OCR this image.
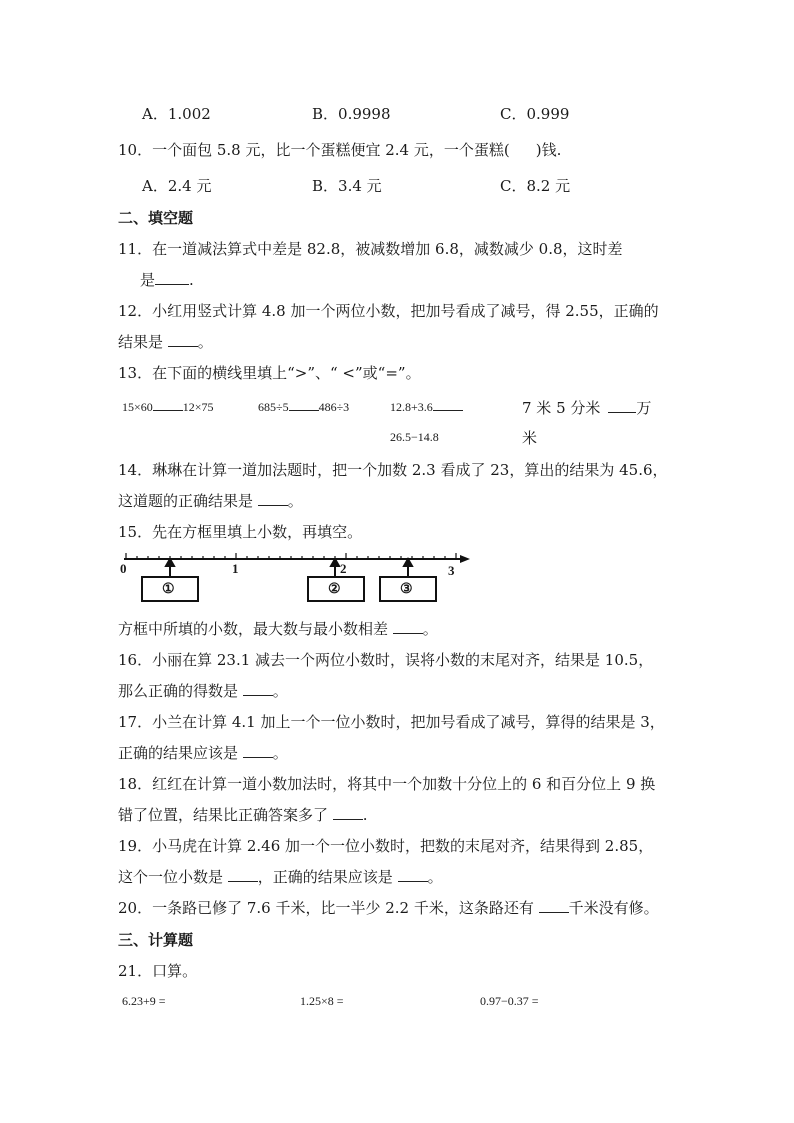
A．1.002	B．0.9998	C．0.999
10．一个面包 5.8 元，比一个蛋糕便宜 2.4 元，一个蛋糕( )钱.
A．2.4 元	B．3.4 元	C．8.2 元
二、填空题
11．在一道减法算式中差是 82.8，被减数增加 6.8，减数减少 0.8，这时差
是 .
12．小红用竖式计算 4.8 加一个两位小数，把加号看成了减号，得 2.55，正确的
结果是 。
13．在下面的横线里填上“>”、“ <”或“=”。
15×60	12×75	685÷5	486÷3	12.8+3.6
26.5−14.8
7 米 5 分米 万
米
14．琳琳在计算一道加法题时，把一个加数 2.3 看成了 23，算出的结果为 45.6，
这道题的正确结果是 。
15．先在方框里填上小数，再填空。
0	1	2	3
①	②	③
方框中所填的小数，最大数与最小数相差 。
16．小丽在算 23.1 减去一个两位小数时，误将小数的末尾对齐，结果是 10.5，
那么正确的得数是 。
17．小兰在计算 4.1 加上一个一位小数时，把加号看成了减号，算得的结果是 3，
正确的结果应该是 。
18．红红在计算一道小数加法时，将其中一个加数十分位上的 6 和百分位上 9 换
错了位置，结果比正确答案多了 .
19．小马虎在计算 2.46 加一个一位小数时，把数的末尾对齐，结果得到 2.85，
这个一位小数是 ，正确的结果应该是 。
20．一条路已修了 7.6 千米，比一半少 2.2 千米，这条路还有 千米没有修。
三、计算题
21．口算。
6.23+9 =	1.25×8 =	0.97−0.37 =
